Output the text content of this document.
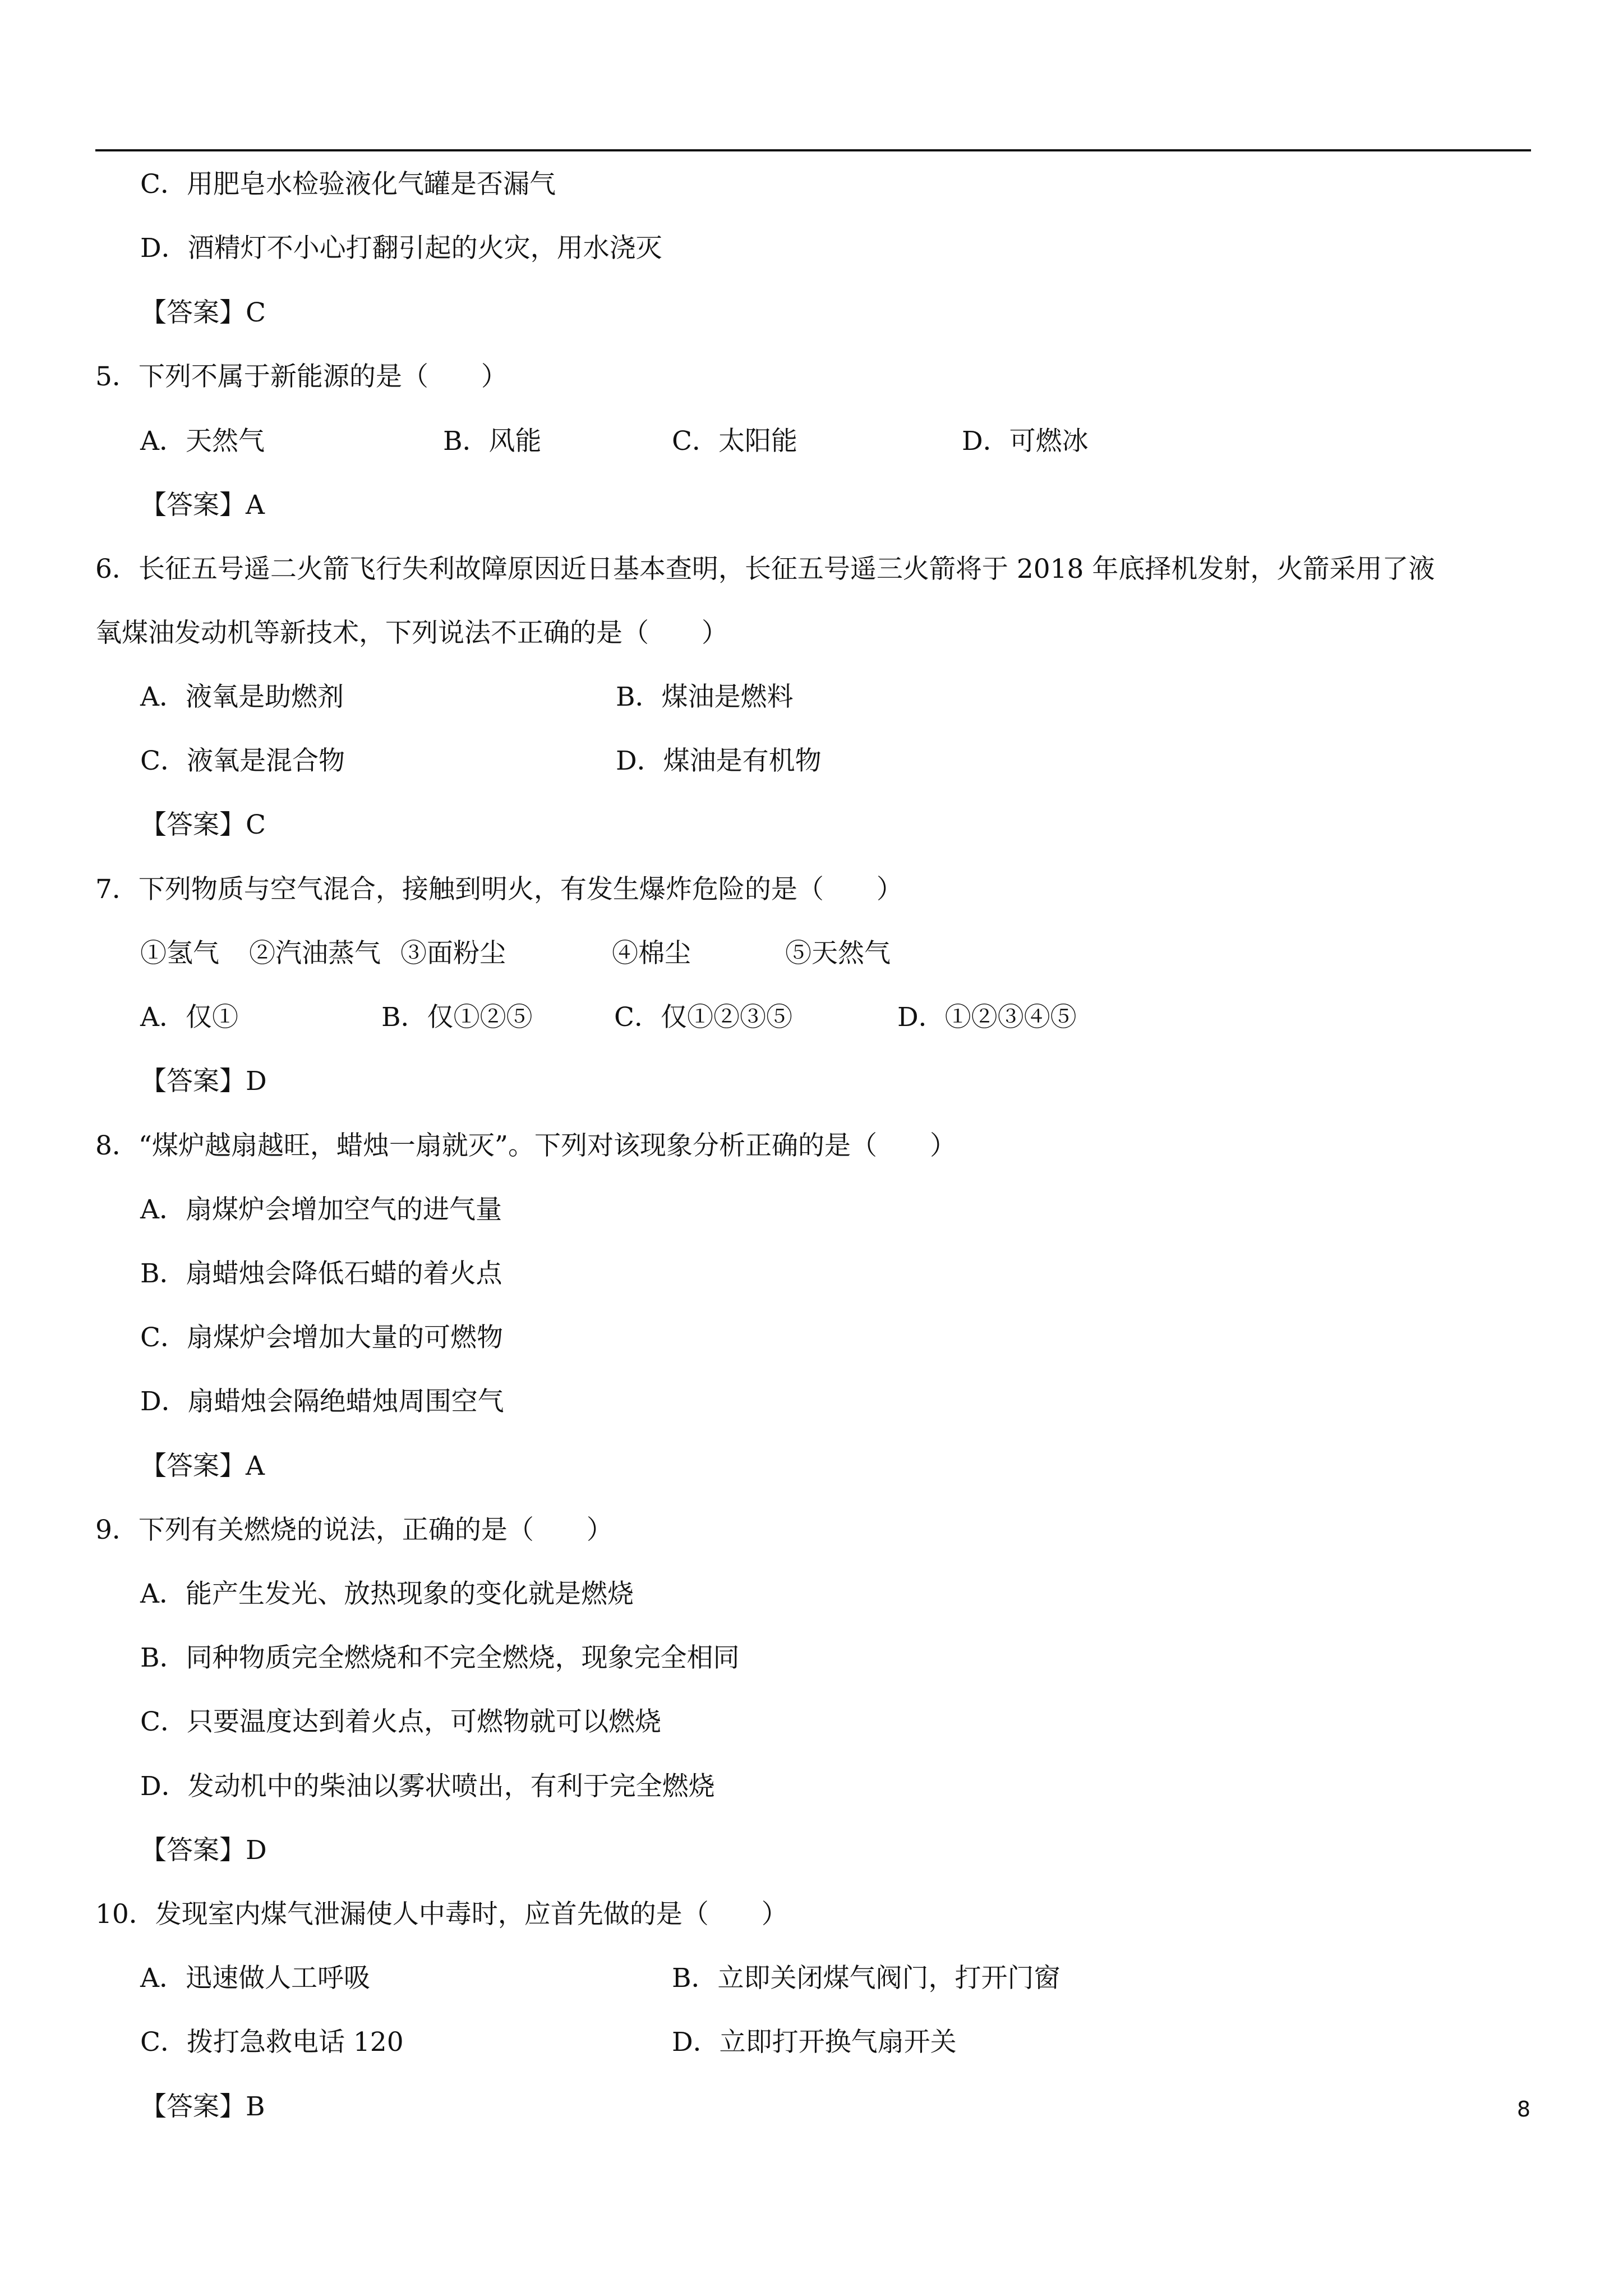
C．用肥皂水检验液化气罐是否漏气
D．酒精灯不小心打翻引起的火灾，用水浇灭
【答案】C
5．下列不属于新能源的是（　　）
A．天然气	B．风能	C．太阳能	D．可燃冰
【答案】A
6．长征五号遥二火箭飞行失利故障原因近日基本查明，长征五号遥三火箭将于 2018 年底择机发射，火箭采用了液
氧煤油发动机等新技术，下列说法不正确的是（　　）
A．液氧是助燃剂	B．煤油是燃料
C．液氧是混合物	D．煤油是有机物
【答案】C
7．下列物质与空气混合，接触到明火，有发生爆炸危险的是（　　）
①氢气 ②汽油蒸气 ③面粉尘	④棉尘	⑤天然气
A．仅①	B．仅①②⑤	C．仅①②③⑤	D．①②③④⑤
【答案】D
8．“煤炉越扇越旺，蜡烛一扇就灭”。下列对该现象分析正确的是（　　）
A．扇煤炉会增加空气的进气量
B．扇蜡烛会降低石蜡的着火点
C．扇煤炉会增加大量的可燃物
D．扇蜡烛会隔绝蜡烛周围空气
【答案】A
9．下列有关燃烧的说法，正确的是（　　）
A．能产生发光、放热现象的变化就是燃烧
B．同种物质完全燃烧和不完全燃烧，现象完全相同
C．只要温度达到着火点，可燃物就可以燃烧
D．发动机中的柴油以雾状喷出，有利于完全燃烧
【答案】D
10．发现室内煤气泄漏使人中毒时，应首先做的是（　　）
A．迅速做人工呼吸	B．立即关闭煤气阀门，打开门窗
C．拨打急救电话 120	D．立即打开换气扇开关
【答案】B	8
